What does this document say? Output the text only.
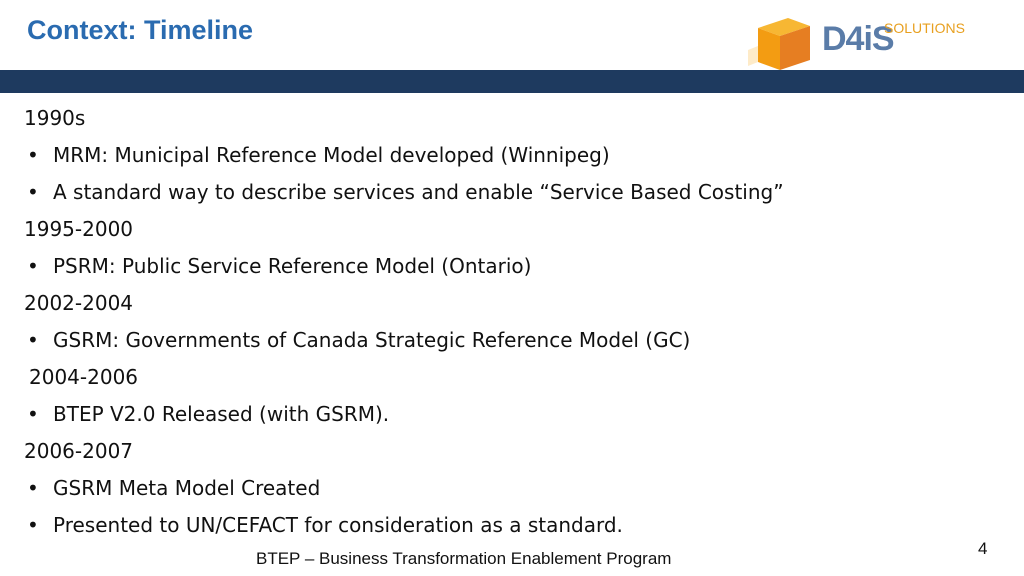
Context: Timeline	D4iS
SOLUTIONS
1990s
• MRM: Municipal Reference Model developed (Winnipeg)
• A standard way to describe services and enable “Service Based Costing”
1995-2000
• PSRM: Public Service Reference Model (Ontario)
2002-2004
• GSRM: Governments of Canada Strategic Reference Model (GC)
2004-2006
• BTEP V2.0 Released (with GSRM).
2006-2007
• GSRM Meta Model Created
• Presented to UN/CEFACT for consideration as a standard.
BTEP – Business Transformation Enablement Program
4
